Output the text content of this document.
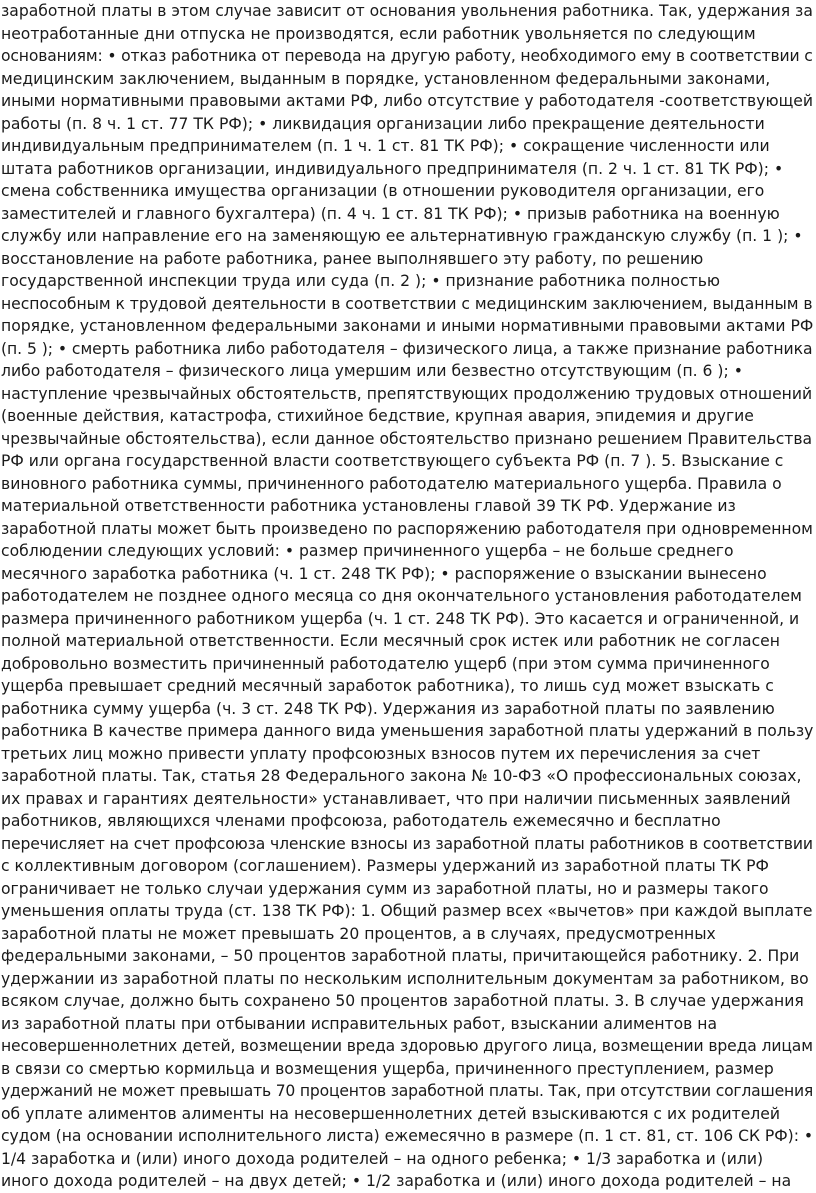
заработной платы в этом случае зависит от основания увольнения работника. Так, удержания за
неотработанные дни отпуска не производятся, если работник увольняется по следующим
основаниям: • отказ работника от перевода на другую работу, необходимого ему в соответствии с
медицинским заключением, выданным в порядке, установленном федеральными законами,
иными нормативными правовыми актами РФ, либо отсутствие у работодателя -соответствующей
работы (п. 8 ч. 1 ст. 77 ТК РФ); • ликвидация организации либо прекращение деятельности
индивидуальным предпринимателем (п. 1 ч. 1 ст. 81 ТК РФ); • сокращение численности или
штата работников организации, индивидуального предпринимателя (п. 2 ч. 1 ст. 81 ТК РФ); •
смена собственника имущества организации (в отношении руководителя организации, его
заместителей и главного бухгалтера) (п. 4 ч. 1 ст. 81 ТК РФ); • призыв работника на военную
службу или направление его на заменяющую ее альтернативную гражданскую службу (п. 1 ); •
восстановление на работе работника, ранее выполнявшего эту работу, по решению
государственной инспекции труда или суда (п. 2 ); • признание работника полностью
неспособным к трудовой деятельности в соответствии с медицинским заключением, выданным в
порядке, установленном федеральными законами и иными нормативными правовыми актами РФ
(п. 5 ); • смерть работника либо работодателя – физического лица, а также признание работника
либо работодателя – физического лица умершим или безвестно отсутствующим (п. 6 ); •
наступление чрезвычайных обстоятельств, препятствующих продолжению трудовых отношений
(военные действия, катастрофа, стихийное бедствие, крупная авария, эпидемия и другие
чрезвычайные обстоятельства), если данное обстоятельство признано решением Правительства
РФ или органа государственной власти соответствующего субъекта РФ (п. 7 ). 5. Взыскание с
виновного работника суммы, причиненного работодателю материального ущерба. Правила о
материальной ответственности работника установлены главой 39 ТК РФ. Удержание из
заработной платы может быть произведено по распоряжению работодателя при одновременном
соблюдении следующих условий: • размер причиненного ущерба – не больше среднего
месячного заработка работника (ч. 1 ст. 248 ТК РФ); • распоряжение о взыскании вынесено
работодателем не позднее одного месяца со дня окончательного установления работодателем
размера причиненного работником ущерба (ч. 1 ст. 248 ТК РФ). Это касается и ограниченной, и
полной материальной ответственности. Если месячный срок истек или работник не согласен
добровольно возместить причиненный работодателю ущерб (при этом сумма причиненного
ущерба превышает средний месячный заработок работника), то лишь суд может взыскать с
работника сумму ущерба (ч. 3 ст. 248 ТК РФ). Удержания из заработной платы по заявлению
работника В качестве примера данного вида уменьшения заработной платы удержаний в пользу
третьих лиц можно привести уплату профсоюзных взносов путем их перечисления за счет
заработной платы. Так, статья 28 Федерального закона № 10-ФЗ «О профессиональных союзах,
их правах и гарантиях деятельности» устанавливает, что при наличии письменных заявлений
работников, являющихся членами профсоюза, работодатель ежемесячно и бесплатно
перечисляет на счет профсоюза членские взносы из заработной платы работников в соответствии
с коллективным договором (соглашением). Размеры удержаний из заработной платы ТК РФ
ограничивает не только случаи удержания сумм из заработной платы, но и размеры такого
уменьшения оплаты труда (ст. 138 ТК РФ): 1. Общий размер всех «вычетов» при каждой выплате
заработной платы не может превышать 20 процентов, а в случаях, предусмотренных
федеральными законами, – 50 процентов заработной платы, причитающейся работнику. 2. При
удержании из заработной платы по нескольким исполнительным документам за работником, во
всяком случае, должно быть сохранено 50 процентов заработной платы. 3. В случае удержания
из заработной платы при отбывании исправительных работ, взыскании алиментов на
несовершеннолетних детей, возмещении вреда здоровью другого лица, возмещении вреда лицам
в связи со смертью кормильца и возмещения ущерба, причиненного преступлением, размер
удержаний не может превышать 70 процентов заработной платы. Так, при отсутствии соглашения
об уплате алиментов алименты на несовершеннолетних детей взыскиваются с их родителей
судом (на основании исполнительного листа) ежемесячно в размере (п. 1 ст. 81, ст. 106 СК РФ): •
1/4 заработка и (или) иного дохода родителей – на одного ребенка; • 1/3 заработка и (или)
иного дохода родителей – на двух детей; • 1/2 заработка и (или) иного дохода родителей – на
